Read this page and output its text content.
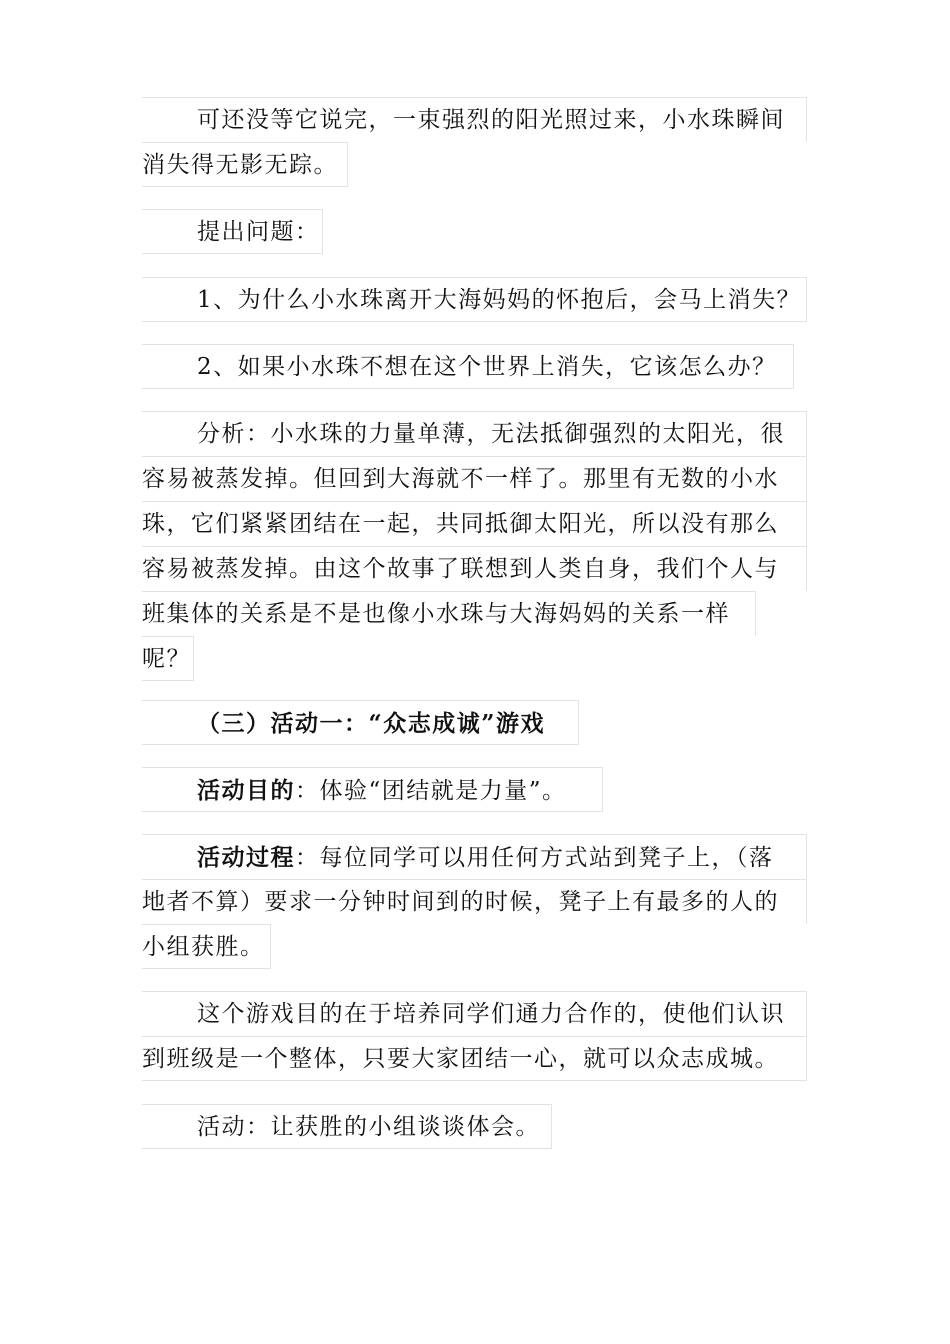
可还没等它说完，一束强烈的阳光照过来，小水珠瞬间
消失得无影无踪。
提出问题：
1、为什么小水珠离开大海妈妈的怀抱后，会马上消失？
2、如果小水珠不想在这个世界上消失，它该怎么办？
分析：小水珠的力量单薄，无法抵御强烈的太阳光，很
容易被蒸发掉。但回到大海就不一样了。那里有无数的小水
珠，它们紧紧团结在一起，共同抵御太阳光，所以没有那么
容易被蒸发掉。由这个故事了联想到人类自身，我们个人与
班集体的关系是不是也像小水珠与大海妈妈的关系一样
呢？
（三）活动一：“众志成诚”游戏
活动目的：体验“团结就是力量”。
活动过程：每位同学可以用任何方式站到凳子上，（落
地者不算）要求一分钟时间到的时候，凳子上有最多的人的
小组获胜。
这个游戏目的在于培养同学们通力合作的，使他们认识
到班级是一个整体，只要大家团结一心，就可以众志成城。
活动：让获胜的小组谈谈体会。
